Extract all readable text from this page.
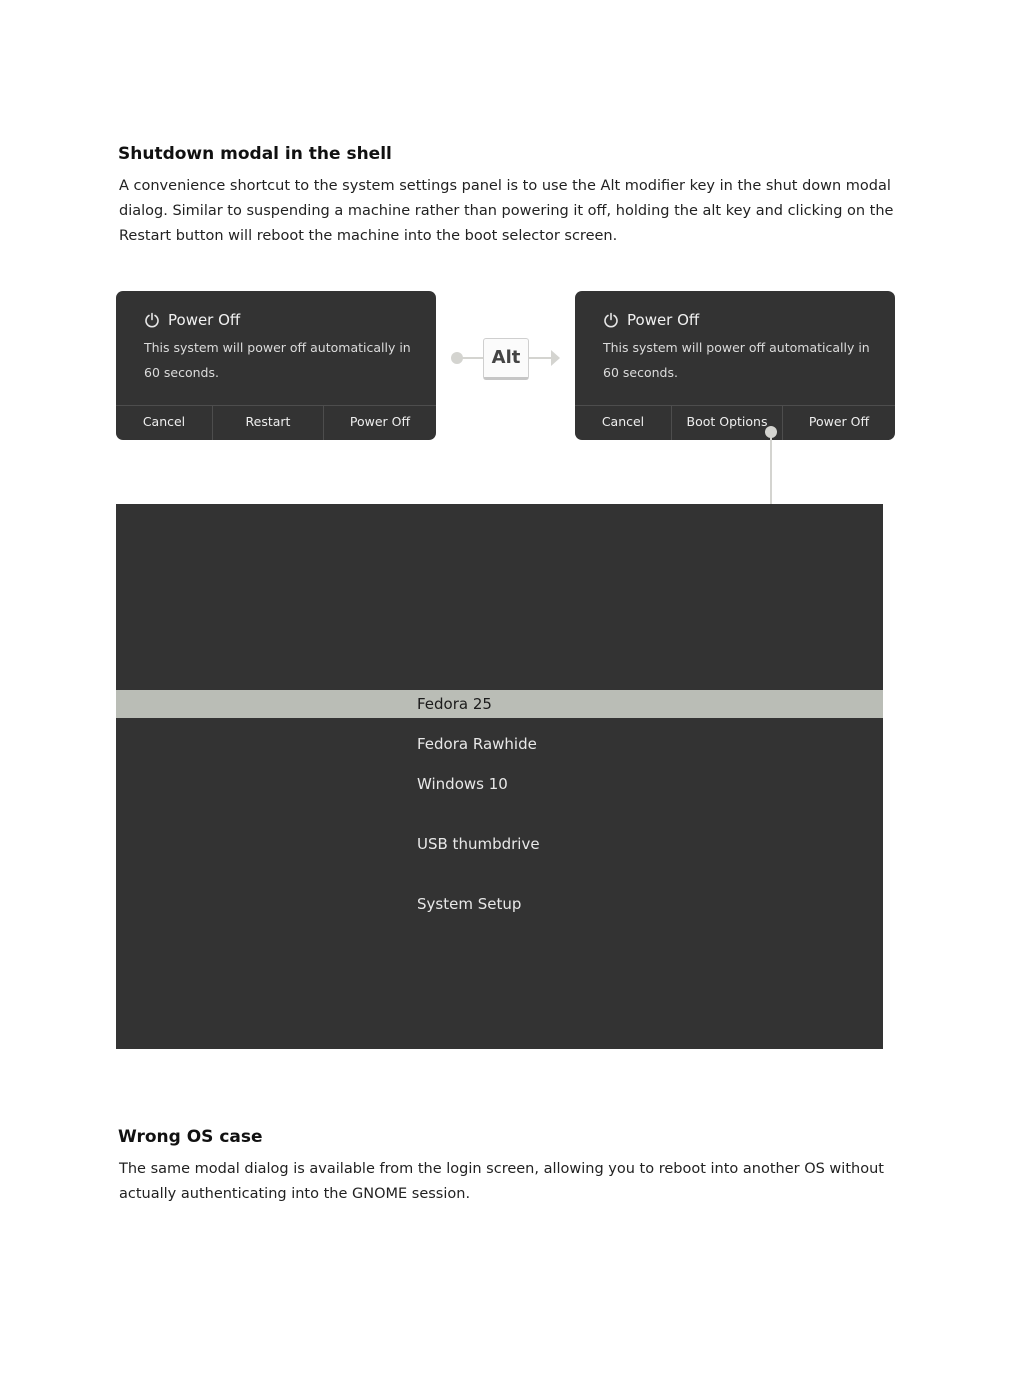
Shutdown modal in the shell

A convenience shortcut to the system settings panel is to use the Alt modifier key in the shut down modal dialog. Similar to suspending a machine rather than powering it off, holding the alt key and clicking on the Restart button will reboot the machine into the boot selector screen.

Power Off
This system will power off automatically in 60 seconds.
Cancel	Restart	Power Off
Alt
Power Off
This system will power off automatically in 60 seconds.
Cancel	Boot Options	Power Off
Fedora 25
Fedora Rawhide
Windows 10
USB thumbdrive
System Setup
Wrong OS case

The same modal dialog is available from the login screen, allowing you to reboot into another OS without actually authenticating into the GNOME session.
